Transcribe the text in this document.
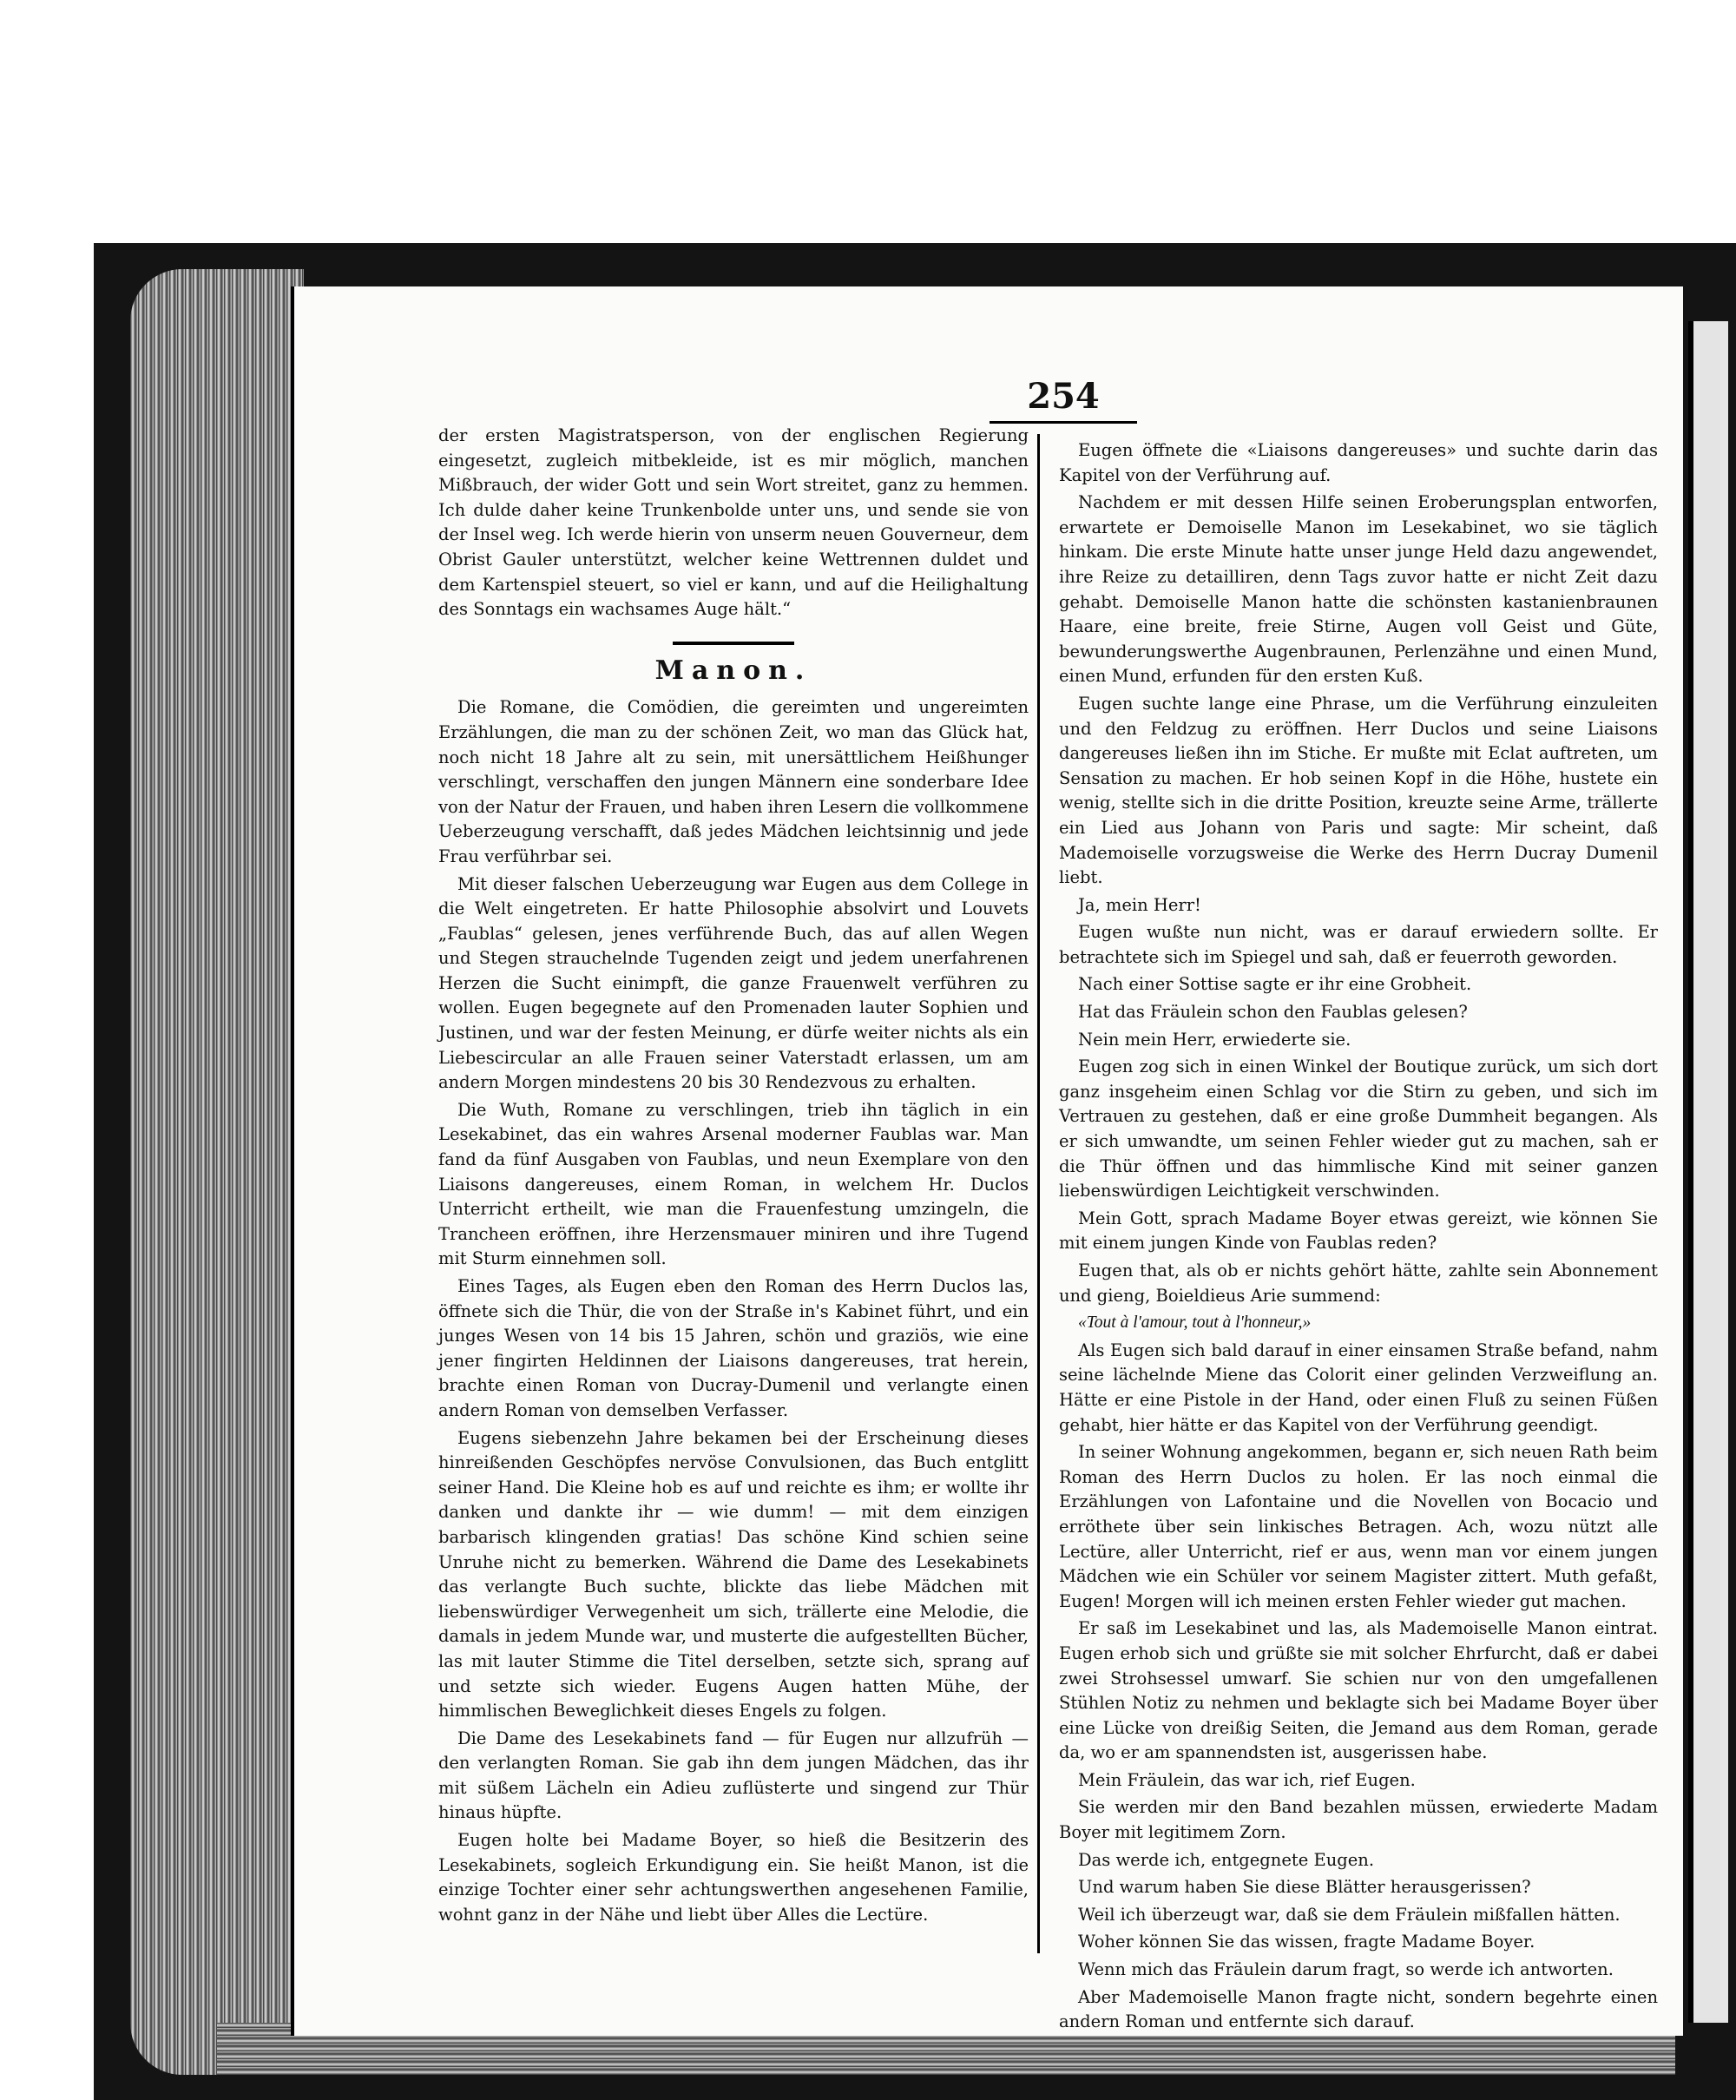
254

der ersten Magistratsperson, von der englischen Regierung eingesetzt, zugleich mitbekleide, ist es mir möglich, manchen Mißbrauch, der wider Gott und sein Wort streitet, ganz zu hemmen. Ich dulde daher keine Trunkenbolde unter uns, und sende sie von der Insel weg. Ich werde hierin von unserm neuen Gouverneur, dem Obrist Gauler unterstützt, welcher keine Wettrennen duldet und dem Kartenspiel steuert, so viel er kann, und auf die Heilighaltung des Sonntags ein wachsames Auge hält.“

Manon.

Die Romane, die Comödien, die gereimten und ungereimten Erzählungen, die man zu der schönen Zeit, wo man das Glück hat, noch nicht 18 Jahre alt zu sein, mit unersättlichem Heißhunger verschlingt, verschaffen den jungen Männern eine sonderbare Idee von der Natur der Frauen, und haben ihren Lesern die vollkommene Ueberzeugung verschafft, daß jedes Mädchen leichtsinnig und jede Frau verführbar sei.

Mit dieser falschen Ueberzeugung war Eugen aus dem College in die Welt eingetreten. Er hatte Philosophie absolvirt und Louvets „Faublas“ gelesen, jenes verführende Buch, das auf allen Wegen und Stegen strauchelnde Tugenden zeigt und jedem unerfahrenen Herzen die Sucht einimpft, die ganze Frauenwelt verführen zu wollen. Eugen begegnete auf den Promenaden lauter Sophien und Justinen, und war der festen Meinung, er dürfe weiter nichts als ein Liebescircular an alle Frauen seiner Vaterstadt erlassen, um am andern Morgen mindestens 20 bis 30 Rendezvous zu erhalten.

Die Wuth, Romane zu verschlingen, trieb ihn täglich in ein Lesekabinet, das ein wahres Arsenal moderner Faublas war. Man fand da fünf Ausgaben von Faublas, und neun Exemplare von den Liaisons dangereuses, einem Roman, in welchem Hr. Duclos Unterricht ertheilt, wie man die Frauenfestung umzingeln, die Trancheen eröffnen, ihre Herzensmauer miniren und ihre Tugend mit Sturm einnehmen soll.

Eines Tages, als Eugen eben den Roman des Herrn Duclos las, öffnete sich die Thür, die von der Straße in's Kabinet führt, und ein junges Wesen von 14 bis 15 Jahren, schön und graziös, wie eine jener fingirten Heldinnen der Liaisons dangereuses, trat herein, brachte einen Roman von Ducray-Dumenil und verlangte einen andern Roman von demselben Verfasser.

Eugens siebenzehn Jahre bekamen bei der Erscheinung dieses hinreißenden Geschöpfes nervöse Convulsionen, das Buch entglitt seiner Hand. Die Kleine hob es auf und reichte es ihm; er wollte ihr danken und dankte ihr — wie dumm! — mit dem einzigen barbarisch klingenden gratias! Das schöne Kind schien seine Unruhe nicht zu bemerken. Während die Dame des Lesekabinets das verlangte Buch suchte, blickte das liebe Mädchen mit liebenswürdiger Verwegenheit um sich, trällerte eine Melodie, die damals in jedem Munde war, und musterte die aufgestellten Bücher, las mit lauter Stimme die Titel derselben, setzte sich, sprang auf und setzte sich wieder. Eugens Augen hatten Mühe, der himmlischen Beweglichkeit dieses Engels zu folgen.

Die Dame des Lesekabinets fand — für Eugen nur allzufrüh — den verlangten Roman. Sie gab ihn dem jungen Mädchen, das ihr mit süßem Lächeln ein Adieu zuflüsterte und singend zur Thür hinaus hüpfte.

Eugen holte bei Madame Boyer, so hieß die Besitzerin des Lesekabinets, sogleich Erkundigung ein. Sie heißt Manon, ist die einzige Tochter einer sehr achtungswerthen angesehenen Familie, wohnt ganz in der Nähe und liebt über Alles die Lectüre.

Eugen öffnete die «Liaisons dangereuses» und suchte darin das Kapitel von der Verführung auf.

Nachdem er mit dessen Hilfe seinen Eroberungsplan entworfen, erwartete er Demoiselle Manon im Lesekabinet, wo sie täglich hinkam. Die erste Minute hatte unser junge Held dazu angewendet, ihre Reize zu detailliren, denn Tags zuvor hatte er nicht Zeit dazu gehabt. Demoiselle Manon hatte die schönsten kastanienbraunen Haare, eine breite, freie Stirne, Augen voll Geist und Güte, bewunderungswerthe Augenbraunen, Perlenzähne und einen Mund, einen Mund, erfunden für den ersten Kuß.

Eugen suchte lange eine Phrase, um die Verführung einzuleiten und den Feldzug zu eröffnen. Herr Duclos und seine Liaisons dangereuses ließen ihn im Stiche. Er mußte mit Eclat auftreten, um Sensation zu machen. Er hob seinen Kopf in die Höhe, hustete ein wenig, stellte sich in die dritte Position, kreuzte seine Arme, trällerte ein Lied aus Johann von Paris und sagte: Mir scheint, daß Mademoiselle vorzugsweise die Werke des Herrn Ducray Dumenil liebt.

Ja, mein Herr!

Eugen wußte nun nicht, was er darauf erwiedern sollte. Er betrachtete sich im Spiegel und sah, daß er feuerroth geworden.

Nach einer Sottise sagte er ihr eine Grobheit.

Hat das Fräulein schon den Faublas gelesen?

Nein mein Herr, erwiederte sie.

Eugen zog sich in einen Winkel der Boutique zurück, um sich dort ganz insgeheim einen Schlag vor die Stirn zu geben, und sich im Vertrauen zu gestehen, daß er eine große Dummheit begangen. Als er sich umwandte, um seinen Fehler wieder gut zu machen, sah er die Thür öffnen und das himmlische Kind mit seiner ganzen liebenswürdigen Leichtigkeit verschwinden.

Mein Gott, sprach Madame Boyer etwas gereizt, wie können Sie mit einem jungen Kinde von Faublas reden?

Eugen that, als ob er nichts gehört hätte, zahlte sein Abonnement und gieng, Boieldieus Arie summend:

«Tout à l'amour, tout à l'honneur,»

Als Eugen sich bald darauf in einer einsamen Straße befand, nahm seine lächelnde Miene das Colorit einer gelinden Verzweiflung an. Hätte er eine Pistole in der Hand, oder einen Fluß zu seinen Füßen gehabt, hier hätte er das Kapitel von der Verführung geendigt.

In seiner Wohnung angekommen, begann er, sich neuen Rath beim Roman des Herrn Duclos zu holen. Er las noch einmal die Erzählungen von Lafontaine und die Novellen von Bocacio und erröthete über sein linkisches Betragen. Ach, wozu nützt alle Lectüre, aller Unterricht, rief er aus, wenn man vor einem jungen Mädchen wie ein Schüler vor seinem Magister zittert. Muth gefaßt, Eugen! Morgen will ich meinen ersten Fehler wieder gut machen.

Er saß im Lesekabinet und las, als Mademoiselle Manon eintrat. Eugen erhob sich und grüßte sie mit solcher Ehrfurcht, daß er dabei zwei Strohsessel umwarf. Sie schien nur von den umgefallenen Stühlen Notiz zu nehmen und beklagte sich bei Madame Boyer über eine Lücke von dreißig Seiten, die Jemand aus dem Roman, gerade da, wo er am spannendsten ist, ausgerissen habe.

Mein Fräulein, das war ich, rief Eugen.

Sie werden mir den Band bezahlen müssen, erwiederte Madam Boyer mit legitimem Zorn.

Das werde ich, entgegnete Eugen.

Und warum haben Sie diese Blätter herausgerissen?

Weil ich überzeugt war, daß sie dem Fräulein mißfallen hätten.

Woher können Sie das wissen, fragte Madame Boyer.

Wenn mich das Fräulein darum fragt, so werde ich antworten.

Aber Mademoiselle Manon fragte nicht, sondern begehrte einen andern Roman und entfernte sich darauf.
